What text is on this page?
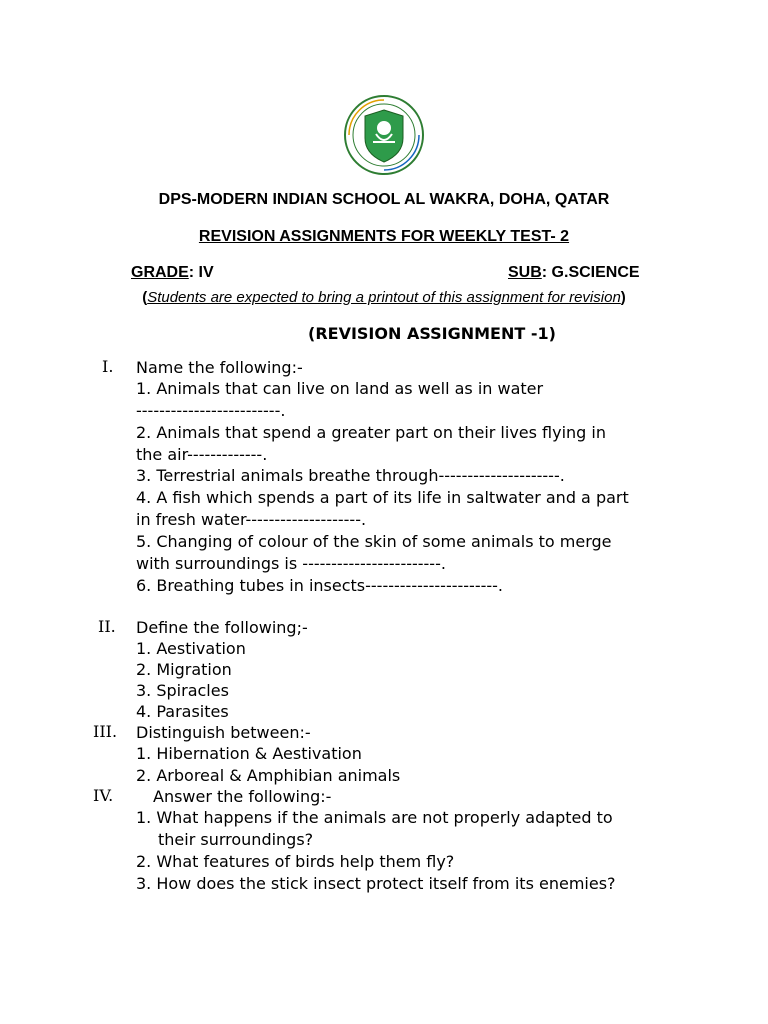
DPS-MODERN INDIAN SCHOOL AL WAKRA, DOHA, QATAR
REVISION ASSIGNMENTS FOR WEEKLY TEST- 2
GRADE: IV	SUB: G.SCIENCE
(Students are expected to bring a printout of this assignment for revision)
(REVISION ASSIGNMENT -1)
I. Name the following:-
1. Animals that can live on land as well as in water
-------------------------.
2. Animals that spend a greater part on their lives flying in
the air-------------.
3. Terrestrial animals breathe through---------------------.
4. A fish which spends a part of its life in saltwater and a part
in fresh water--------------------.
5. Changing of colour of the skin of some animals to merge
with surroundings is ------------------------.
6. Breathing tubes in insects-----------------------.
II. Define the following;-
1. Aestivation
2. Migration
3. Spiracles
4. Parasites
III. Distinguish between:-
1. Hibernation & Aestivation
2. Arboreal & Amphibian animals
IV. Answer the following:-
1. What happens if the animals are not properly adapted to
their surroundings?
2. What features of birds help them fly?
3. How does the stick insect protect itself from its enemies?
